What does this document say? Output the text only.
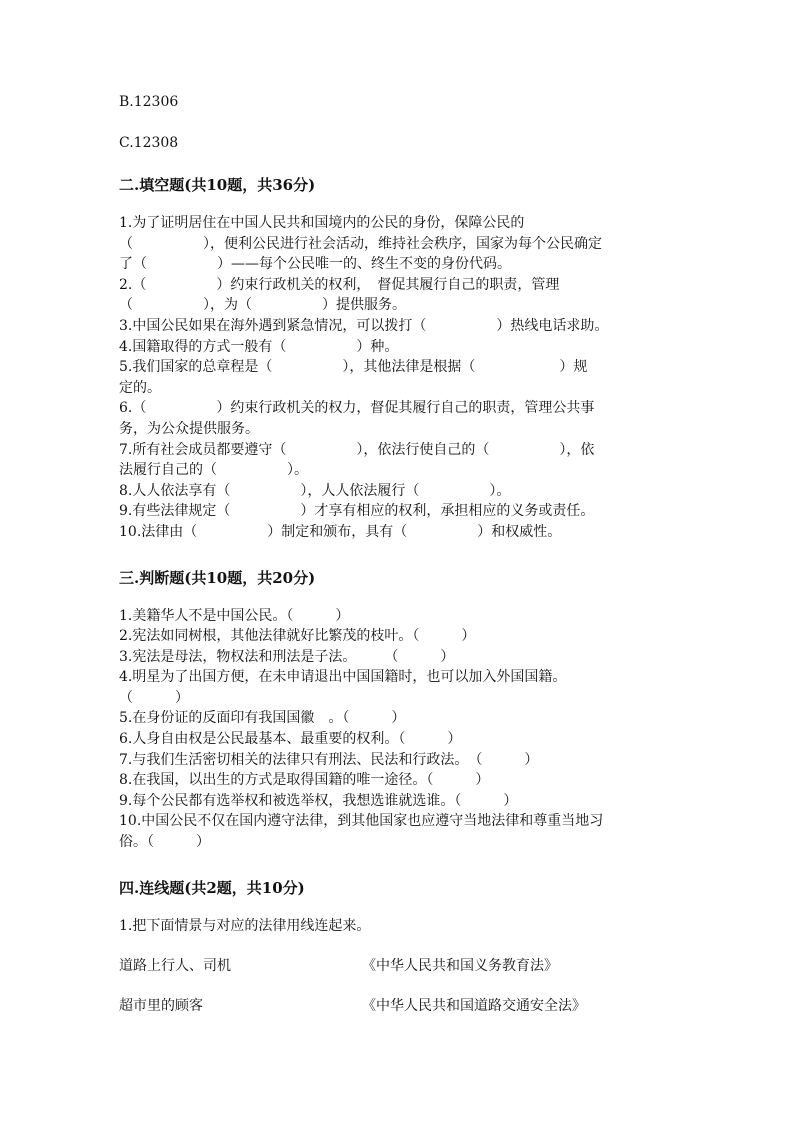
B.12306

C.12308

二.填空题(共10题，共36分)

1.为了证明居住在中国人民共和国境内的公民的身份，保障公民的

（　　　　　），便利公民进行社会活动，维持社会秩序，国家为每个公民确定

了（　　　　　）——每个公民唯一的、终生不变的身份代码。

2.（　　　　　）约束行政机关的权利，　督促其履行自己的职责，管理

（　　　　　），为（　　　　　）提供服务。

3.中国公民如果在海外遇到紧急情况，可以拨打（　　　　　）热线电话求助。

4.国籍取得的方式一般有（　　　　　）种。

5.我们国家的总章程是（　　　　　），其他法律是根据（　　　　　　）规

定的。

6.（　　　　　）约束行政机关的权力，督促其履行自己的职责，管理公共事

务，为公众提供服务。

7.所有社会成员都要遵守（　　　　　），依法行使自己的（　　　　　），依

法履行自己的（　　　　　）。

8.人人依法享有（　　　　　），人人依法履行（　　　　　）。

9.有些法律规定（　　　　　）才享有相应的权利，承担相应的义务或责任。

10.法律由（　　　　　）制定和颁布，具有（　　　　　）和权威性。

三.判断题(共10题，共20分)

1.美籍华人不是中国公民。（　　　）

2.宪法如同树根，其他法律就好比繁茂的枝叶。（　　　）

3.宪法是母法，物权法和刑法是子法。　　　（　　　）

4.明星为了出国方便，在未申请退出中国国籍时，也可以加入外国国籍。

（　　　）

5.在身份证的反面印有我国国徽　。（　　　）

6.人身自由权是公民最基本、最重要的权利。（　　　）

7.与我们生活密切相关的法律只有刑法、民法和行政法。　（　　　）

8.在我国，以出生的方式是取得国籍的唯一途径。（　　　）

9.每个公民都有选举权和被选举权，我想选谁就选谁。（　　　）

10.中国公民不仅在国内遵守法律，到其他国家也应遵守当地法律和尊重当地习

俗。（　　　）

四.连线题(共2题，共10分)

1.把下面情景与对应的法律用线连起来。

道路上行人、司机	《中华人民共和国义务教育法》
超市里的顾客	《中华人民共和国道路交通安全法》
